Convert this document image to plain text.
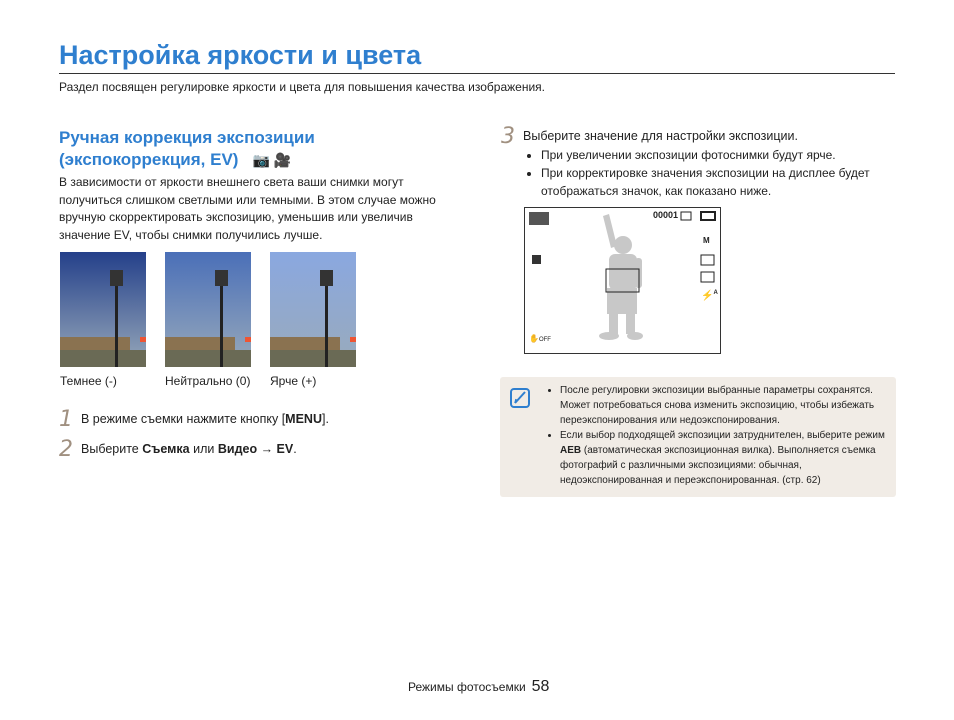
Настройка яркости и цвета
Раздел посвящен регулировке яркости и цвета для повышения качества изображения.
Ручная коррекция экспозиции
(экспокоррекция, EV) 📷 🎥
В зависимости от яркости внешнего света ваши снимки могут получиться слишком светлыми или темными. В этом случае можно вручную скорректировать экспозицию, уменьшив или увеличив значение EV, чтобы снимки получились лучше.
Темнее (-)	Нейтрально (0) Ярче (+)
1 В режиме съемки нажмите кнопку [MENU].
2 Выберите Съемка или Видео → EV.
3 Выберите значение для настройки экспозиции.
• При увеличении экспозиции фотоснимки будут ярче.
• При корректировке значения экспозиции на дисплее будет отображаться значок, как показано ниже.
00001
M
⚡$^A$
✋OFF
• После регулировки экспозиции выбранные параметры сохранятся. Может потребоваться снова изменить экспозицию, чтобы избежать переэкспонирования или недоэкспонирования.
• Если выбор подходящей экспозиции затруднителен, выберите режим AEB (автоматическая экспозиционная вилка). Выполняется съемка фотографий с различными экспозициями: обычная, недоэкспонированная и переэкспонированная. (стр. 62)
Режимы фотосъемки 58
